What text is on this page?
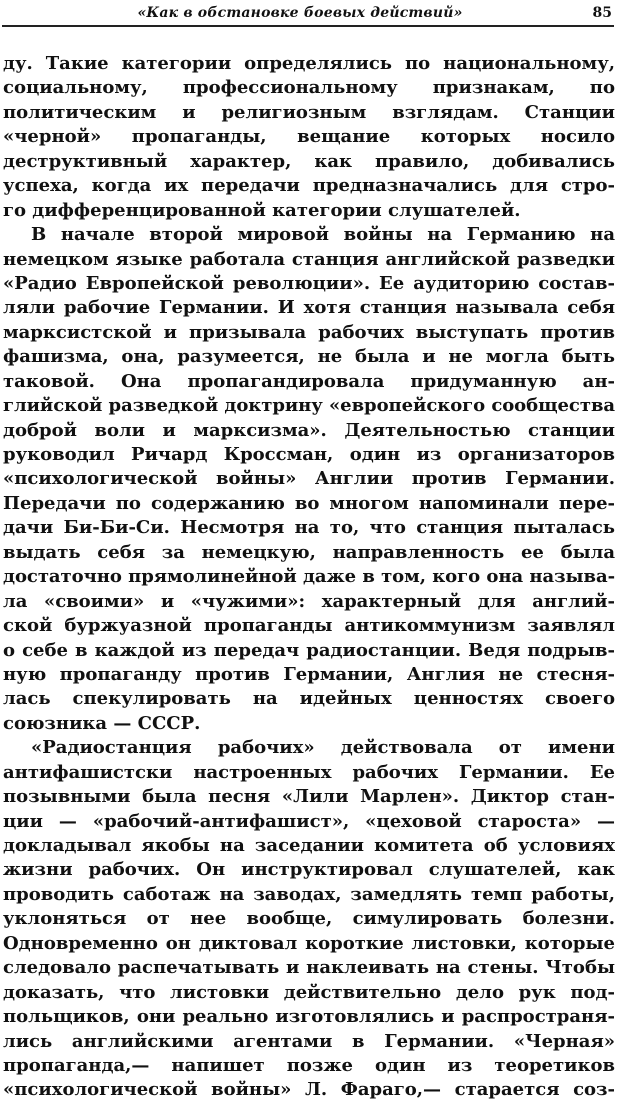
«Как в обстановке боевых действий»	85
ду. Такие категории определялись по национальному,
социальному, профессиональному признакам, по
политическим и религиозным взглядам. Станции
«черной» пропаганды, вещание которых носило
деструктивный характер, как правило, добивались
успеха, когда их передачи предназначались для стро-
го дифференцированной категории слушателей.
В начале второй мировой войны на Германию на
немецком языке работала станция английской разведки
«Радио Европейской революции». Ее аудиторию состав-
ляли рабочие Германии. И хотя станция называла себя
марксистской и призывала рабочих выступать против
фашизма, она, разумеется, не была и не могла быть
таковой. Она пропагандировала придуманную ан-
глийской разведкой доктрину «европейского сообщества
доброй воли и марксизма». Деятельностью станции
руководил Ричард Кроссман, один из организаторов
«психологической войны» Англии против Германии.
Передачи по содержанию во многом напоминали пере-
дачи Би-Би-Си. Несмотря на то, что станция пыталась
выдать себя за немецкую, направленность ее была
достаточно прямолинейной даже в том, кого она называ-
ла «своими» и «чужими»: характерный для англий-
ской буржуазной пропаганды антикоммунизм заявлял
о себе в каждой из передач радиостанции. Ведя подрыв-
ную пропаганду против Германии, Англия не стесня-
лась спекулировать на идейных ценностях своего
союзника — СССР.
«Радиостанция рабочих» действовала от имени
антифашистски настроенных рабочих Германии. Ее
позывными была песня «Лили Марлен». Диктор стан-
ции — «рабочий-антифашист», «цеховой староста» —
докладывал якобы на заседании комитета об условиях
жизни рабочих. Он инструктировал слушателей, как
проводить саботаж на заводах, замедлять темп работы,
уклоняться от нее вообще, симулировать болезни.
Одновременно он диктовал короткие листовки, которые
следовало распечатывать и наклеивать на стены. Чтобы
доказать, что листовки действительно дело рук под-
польщиков, они реально изготовлялись и распространя-
лись английскими агентами в Германии. «Черная»
пропаганда,— напишет позже один из теоретиков
«психологической войны» Л. Фараго,— старается соз-
